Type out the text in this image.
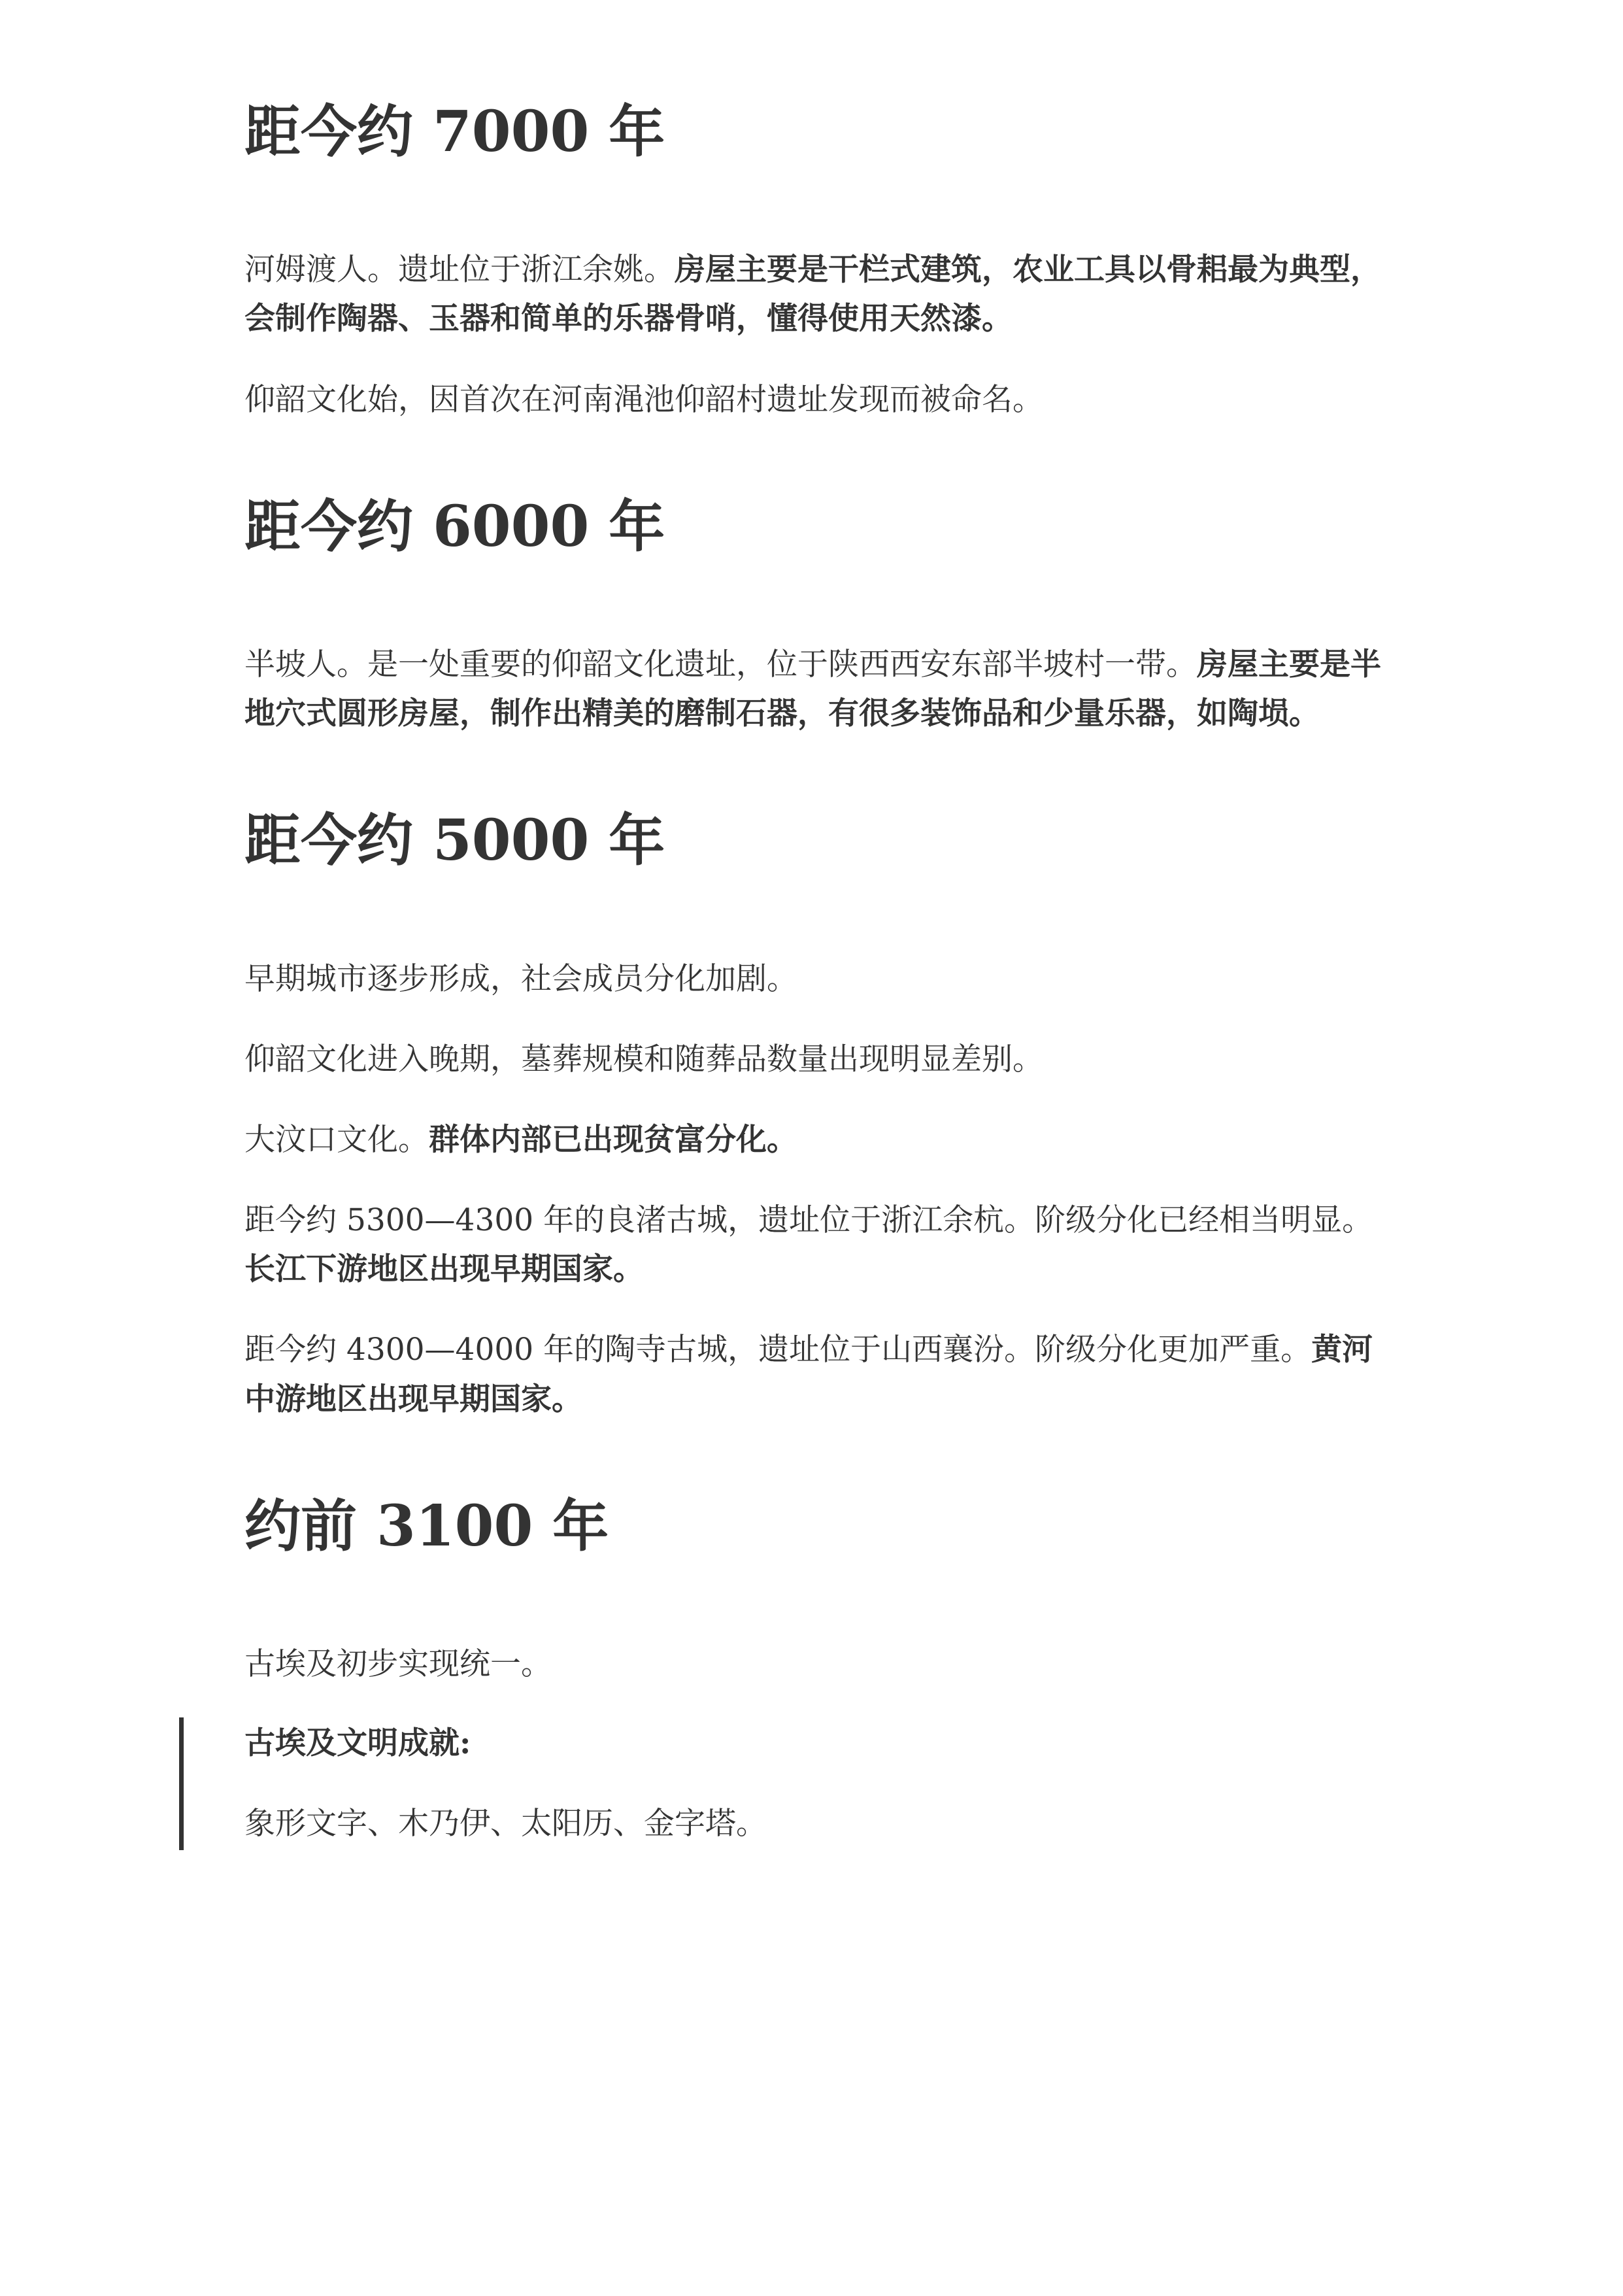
距今约 7000 年

河姆渡人。遗址位于浙江余姚。房屋主要是干栏式建筑，农业工具以骨耜最为典型，会制作陶器、玉器和简单的乐器骨哨，懂得使用天然漆。

仰韶文化始，因首次在河南渑池仰韶村遗址发现而被命名。

距今约 6000 年

半坡人。是一处重要的仰韶文化遗址，位于陕西西安东部半坡村一带。房屋主要是半地穴式圆形房屋，制作出精美的磨制石器，有很多装饰品和少量乐器，如陶埙。

距今约 5000 年

早期城市逐步形成，社会成员分化加剧。

仰韶文化进入晚期，墓葬规模和随葬品数量出现明显差别。

大汶口文化。群体内部已出现贫富分化。

距今约 5300—4300 年的良渚古城，遗址位于浙江余杭。阶级分化已经相当明显。长江下游地区出现早期国家。

距今约 4300—4000 年的陶寺古城，遗址位于山西襄汾。阶级分化更加严重。黄河中游地区出现早期国家。

约前 3100 年

古埃及初步实现统一。

古埃及文明成就:

象形文字、木乃伊、太阳历、金字塔。
